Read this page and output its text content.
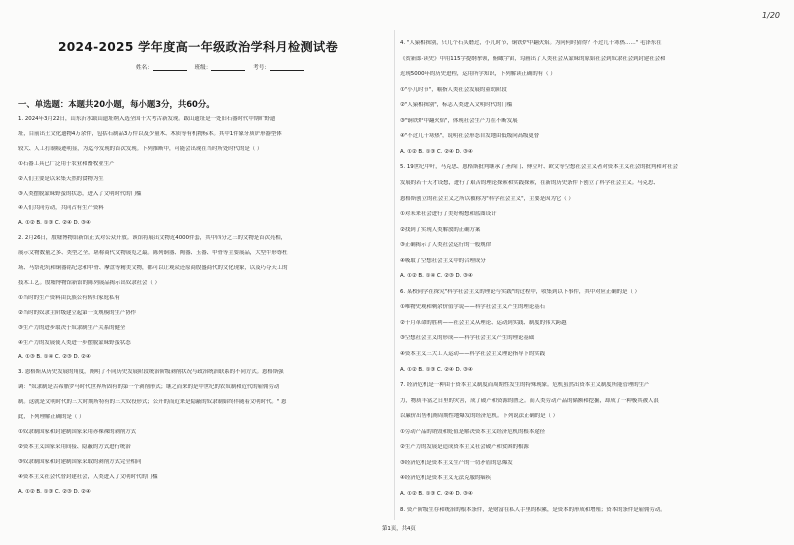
1/20
2024-2025 学年度高一年级政治学科月检测试卷
姓名：	班级：	考号：
一、单选题：本题共20小题，每小题3分，共60分。
1. 2024年3月22日，山东沂水跋山遗址纳入选全国十大考古新发现。跋山遗址是一处旧石器时代中期旷野遗
址，目前出土文化遗物4万余件，包括石制品3万件以及少量木、木质等有机物标本。其中1件象牙质铲形器型体
较大、人工打制痕迹明显，为迄今发现的首次发现。下列推断中，可能会出现在当时所处时代的是（ ）
①石器工具已广泛用于农业和畜牧业生产
②人们主要是以采集天然的食物为生
③人类摆脱蒙昧野蛮的状态，进入了文明时代的门槛
④人们共同劳动，共同占有生产资料
A. ①② B. ①③ C. ②④ D. ③④
2. 2月26日，殷墟博物馆新馆正式对公众开放。该馆将展出文物近4000件套，其中四分之三的文物是首次亮相，
展示文物数量之多、类型之全，堪称商代文物展览之最。陈列铜器、陶器、玉器、甲骨等主要展品，大型牛形尊杜
场、马祭祀坑和铜器铭纪念和甲骨、摩盘等精美文物，都可以让观众还原商殷盛商代的文化现象，以及巧夺天工的
技术工艺。殷墟博物馆新馆的陈列展品揭示出奴隶社会（ ）
①当时的生产资料由氏族公有转归家庭私有
②当时的奴隶主阶级建立起第一支规模的生产协作
③生产力的进步取决于奴隶制生产关系的健全
④生产力的发展使人类进一步摆脱蒙昧野蛮状态
A. ①③ B. ①④ C. ②③ D. ②④
3. 恩格斯从历史发展的角度，阐明了不同历史发展阶段统治阶级剥削状况与政治统治联系的不同方式。恩格斯强
调："奴隶制是古希腊罗马时代世界所固有的第一个剥削形式；继之而来的是中世纪的农奴制和近代的雇佣劳动
制。这就是文明时代的三大时期所特有的三大奴役形式；公开的而近来是隐蔽的奴隶制始终伴随着文明时代。" 恩
此，下列理解正确的是（ ）
①奴隶制国家和封建制国家采用赤裸裸的剥削方式
②资本主义国家采用间接、隐蔽的方式进行统治
③奴隶制国家和封建制国家采取的剥削方式完全相同
④资本主义社会代替封建社会，人类进入了文明时代的门槛
A. ①② B. ①③ C. ②③ D. ②④
4. "人猿相揖别，只几个石头磨过，小儿时节，铜铁炉中翻火焰。为问何时猜得？不过几千寒热……" 毛泽东在
《贺新郎·读史》中用115字提纲挈领，俯瞰宇宙，勾画出了人类社会从蒙昧的原始社会到奴隶社会到封建社会和
近现5000年的历史进程，运用所学知识，下列解读正确的有（ ）
①"小儿时节"，喻指人类社会发展的童幼阶段
②"人猿相揖别"，标志人类进入文明时代的门槛
③"铜铁炉中翻火焰"，体现社会生产力在不断发展
④"不过几千寒热"，说明社会形态自发地由低级向高级更替
A. ①② B. ①③ C. ②④ D. ③④
5. 19世纪中叶，马克思、恩格斯批判继承了圣西门、傅立叶、欧文等空想社会主义者对资本主义社会的批判和对社会
发展的若干天才设想，进行了艰苦的理论探索和实践探索，在新的历史条件下创立了科学社会主义。马克思、
恩格斯创立的社会主义之所以被称为"科学社会主义"，主要是因为它（ ）
①对未来社会进行了美好构想和蓝图设计
②找到了实现人类解放的正确方案
③正确揭示了人类社会运行的一般规律
④吸取了空想社会主义中的合理成分
A. ①② B. ①④ C. ②③ D. ③④
6. 某校同学在探究"科学社会主义的理论与实践"的过程中，收集到以下事件，其中对应正确的是（ ）
①唯物史观和剩余价值学说——科学社会主义产生的理论基石
②十月革命的胜利——社会主义从理论、运动到实践、制度的伟大跨越
③空想社会主义的形成——科学社会主义产生的理论基础
④资本主义三大工人运动——科学社会主义理论指导下的实践
A. ①② B. ①③ C. ②④ D. ③④
7. 经济危机是一种由于资本主义制度而周期性发生的特殊现象。危机虽然出资本主义制度所能管理的生产
力，物质丰富之日里的灾害，成了破产和资源的匮乏。而人类劳动产品的储额和挖掘，却成了一种极其被人浪
以廉价出售机阐周期性地爆发的经济危机。下列说法正确的是（ ）
①劳动产品的销毁和贬值是解决资本主义经济危机的根本途径
②生产力的发展是造成资本主义社会破产和贫困的根源
③经济危机是资本主义生产的一切矛盾的总爆发
④经济危机是资本主义无法克服的痼疾
A. ①② B. ①③ C. ②④ D. ③④
8. 资产阶级生存和统治的根本条件，是财富在私人手里的积累，是资本的形成和增殖；资本的条件是雇佣劳动。
第1页，共4页
